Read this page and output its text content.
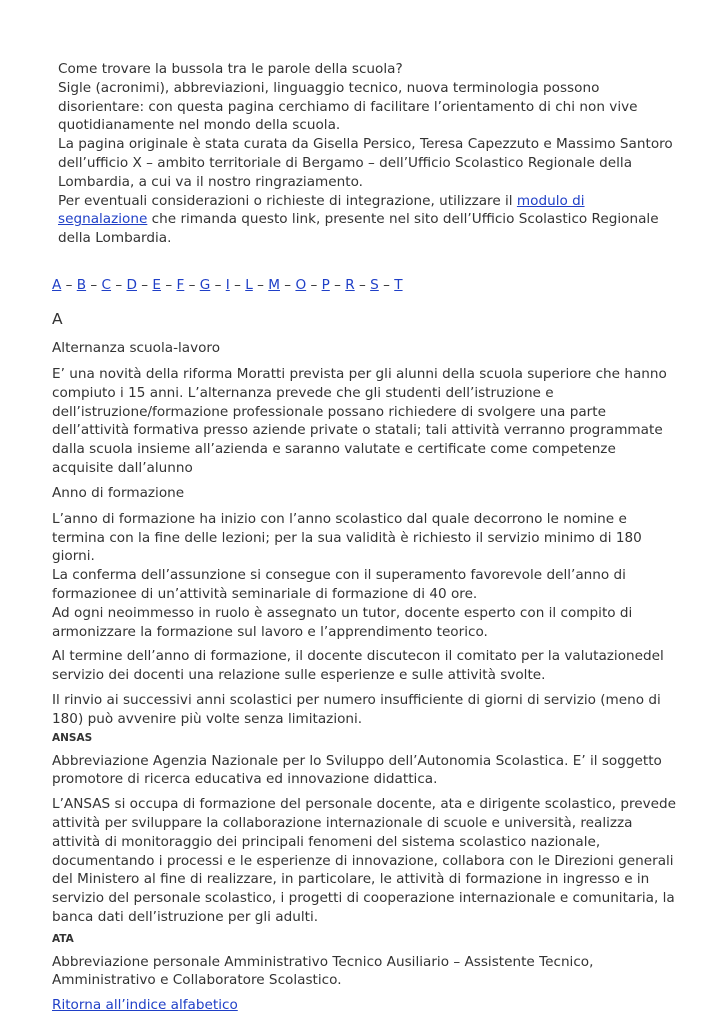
Come trovare la bussola tra le parole della scuola?

Sigle (acronimi), abbreviazioni, linguaggio tecnico, nuova terminologia possono disorientare: con questa pagina cerchiamo di facilitare l’orientamento di chi non vive quotidianamente nel mondo della scuola.

La pagina originale è stata curata da Gisella Persico, Teresa Capezzuto e Massimo Santoro dell’ufficio X – ambito territoriale di Bergamo – dell’Ufficio Scolastico Regionale della Lombardia, a cui va il nostro ringraziamento.

Per eventuali considerazioni o richieste di integrazione, utilizzare il modulo di segnalazione che rimanda questo link, presente nel sito dell’Ufficio Scolastico Regionale della Lombardia.

A – B – C – D – E – F – G – I – L – M – O – P – R – S – T
A
Alternanza scuola-lavoro

E’ una novità della riforma Moratti prevista per gli alunni della scuola superiore che hanno compiuto i 15 anni. L’alternanza prevede che gli studenti dell’istruzione e dell’istruzione/formazione professionale possano richiedere di svolgere una parte dell’attività formativa presso aziende private o statali; tali attività verranno programmate dalla scuola insieme all’azienda e saranno valutate e certificate come competenze acquisite dall’alunno

Anno di formazione

L’anno di formazione ha inizio con l’anno scolastico dal quale decorrono le nomine e termina con la fine delle lezioni; per la sua validità è richiesto il servizio minimo di 180 giorni.

La conferma dell’assunzione si consegue con il superamento favorevole dell’anno di formazionee di un’attività seminariale di formazione di 40 ore.

Ad ogni neoimmesso in ruolo è assegnato un tutor, docente esperto con il compito di armonizzare la formazione sul lavoro e l’apprendimento teorico.

Al termine dell’anno di formazione, il docente discutecon il comitato per la valutazionedel servizio dei docenti una relazione sulle esperienze e sulle attività svolte.

Il rinvio ai successivi anni scolastici per numero insufficiente di giorni di servizio (meno di 180) può avvenire più volte senza limitazioni.

ANSAS

Abbreviazione Agenzia Nazionale per lo Sviluppo dell’Autonomia Scolastica. E’ il soggetto promotore di ricerca educativa ed innovazione didattica.

L’ANSAS si occupa di formazione del personale docente, ata e dirigente scolastico, prevede attività per sviluppare la collaborazione internazionale di scuole e università, realizza attività di monitoraggio dei principali fenomeni del sistema scolastico nazionale, documentando i processi e le esperienze di innovazione, collabora con le Direzioni generali del Ministero al fine di realizzare, in particolare, le attività di formazione in ingresso e in servizio del personale scolastico, i progetti di cooperazione internazionale e comunitaria, la banca dati dell’istruzione per gli adulti.

ATA

Abbreviazione personale Amministrativo Tecnico Ausiliario – Assistente Tecnico, Amministrativo e Collaboratore Scolastico.

Ritorna all’indice alfabetico
